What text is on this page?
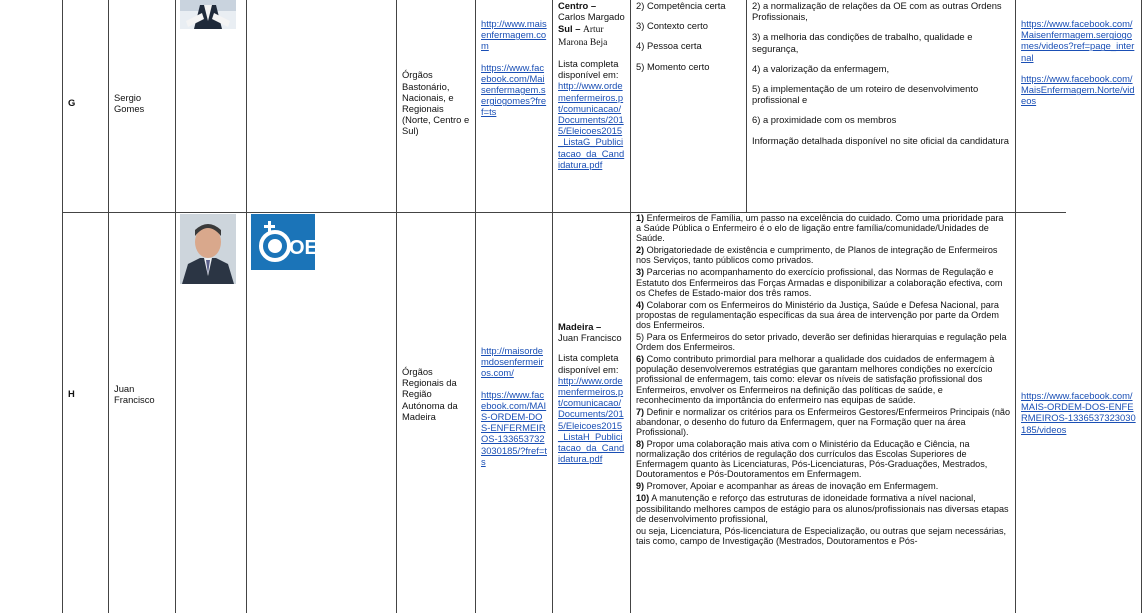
G
Sergio Gomes
Órgãos Bastonário, Nacionais, e Regionais (Norte, Centro e Sul)
http://www.maisenfermagem.com
https://www.facebook.com/Maisenfermagem.sergiogomes?fref=ts
Centro –
Carlos Margado
Sul – Artur Marona Beja
Lista completa disponível em:
http://www.ordemenfermeiros.pt/comunicacao/Documents/2015/Eleicoes2015_ListaG_Publicitacao_da_Candidatura.pdf
2) Competência certa
3) Contexto certo
4) Pessoa certa
5) Momento certo
2) a normalização de relações da OE com as outras Ordens Profissionais,
3) a melhoria das condições de trabalho, qualidade e segurança,
4) a valorização da enfermagem,
5) a implementação de um roteiro de desenvolvimento profissional e
6) a proximidade com os membros
Informação detalhada disponível no site oficial da candidatura
https://www.facebook.com/Maisenfermagem.sergiogomes/videos?ref=page_internal
https://www.facebook.com/MaisEnfermagem.Norte/videos
H
Juan Francisco
OE
Órgãos Regionais da Região Autónoma da Madeira
http://maisordemdosenfermeiros.com/
https://www.facebook.com/MAIS-ORDEM-DOS-ENFERMEIROS-1336537323030185/?fref=ts
Madeira –
Juan Francisco
Lista completa disponível em:
http://www.ordemenfermeiros.pt/comunicacao/Documents/2015/Eleicoes2015_ListaH_Publicitacao_da_Candidatura.pdf

1) Enfermeiros de Família, um passo na excelência do cuidado. Como uma prioridade para a Saúde Pública o Enfermeiro é o elo de ligação entre família/comunidade/Unidades de Saúde.

2) Obrigatoriedade de existência e cumprimento, de Planos de integração de Enfermeiros nos Serviços, tanto públicos como privados.

3) Parcerias no acompanhamento do exercício profissional, das Normas de Regulação e Estatuto dos Enfermeiros das Forças Armadas e disponibilizar a colaboração efectiva, com os Chefes de Estado-maior dos três ramos.

4) Colaborar com os Enfermeiros do Ministério da Justiça, Saúde e Defesa Nacional, para propostas de regulamentação específicas da sua área de intervenção por parte da Ordem dos Enfermeiros.

5) Para os Enfermeiros do setor privado, deverão ser definidas hierarquias e regulação pela Ordem dos Enfermeiros.

6) Como contributo primordial para melhorar a qualidade dos cuidados de enfermagem à população desenvolveremos estratégias que garantam melhores condições no exercício profissional de enfermagem, tais como: elevar os níveis de satisfação profissional dos Enfermeiros, envolver os Enfermeiros na definição das políticas de saúde, e reconhecimento da importância do enfermeiro nas equipas de saúde.

7) Definir e normalizar os critérios para os Enfermeiros Gestores/Enfermeiros Principais (não abandonar, o desenho do futuro da Enfermagem, quer na Formação quer na área Profissional).

8) Propor uma colaboração mais ativa com o Ministério da Educação e Ciência, na normalização dos critérios de regulação dos currículos das Escolas Superiores de Enfermagem quanto às Licenciaturas, Pós-Licenciaturas, Pós-Graduações, Mestrados, Doutoramentos e Pós-Doutoramentos em Enfermagem.

9) Promover, Apoiar e acompanhar as áreas de inovação em Enfermagem.

10) A manutenção e reforço das estruturas de idoneidade formativa a nível nacional, possibilitando melhores campos de estágio para os alunos/profissionais nas diversas etapas de desenvolvimento profissional,

ou seja, Licenciatura, Pós-licenciatura de Especialização, ou outras que sejam necessárias, tais como, campo de Investigação (Mestrados, Doutoramentos e Pós-

https://www.facebook.com/MAIS-ORDEM-DOS-ENFERMEIROS-1336537323030185/videos
